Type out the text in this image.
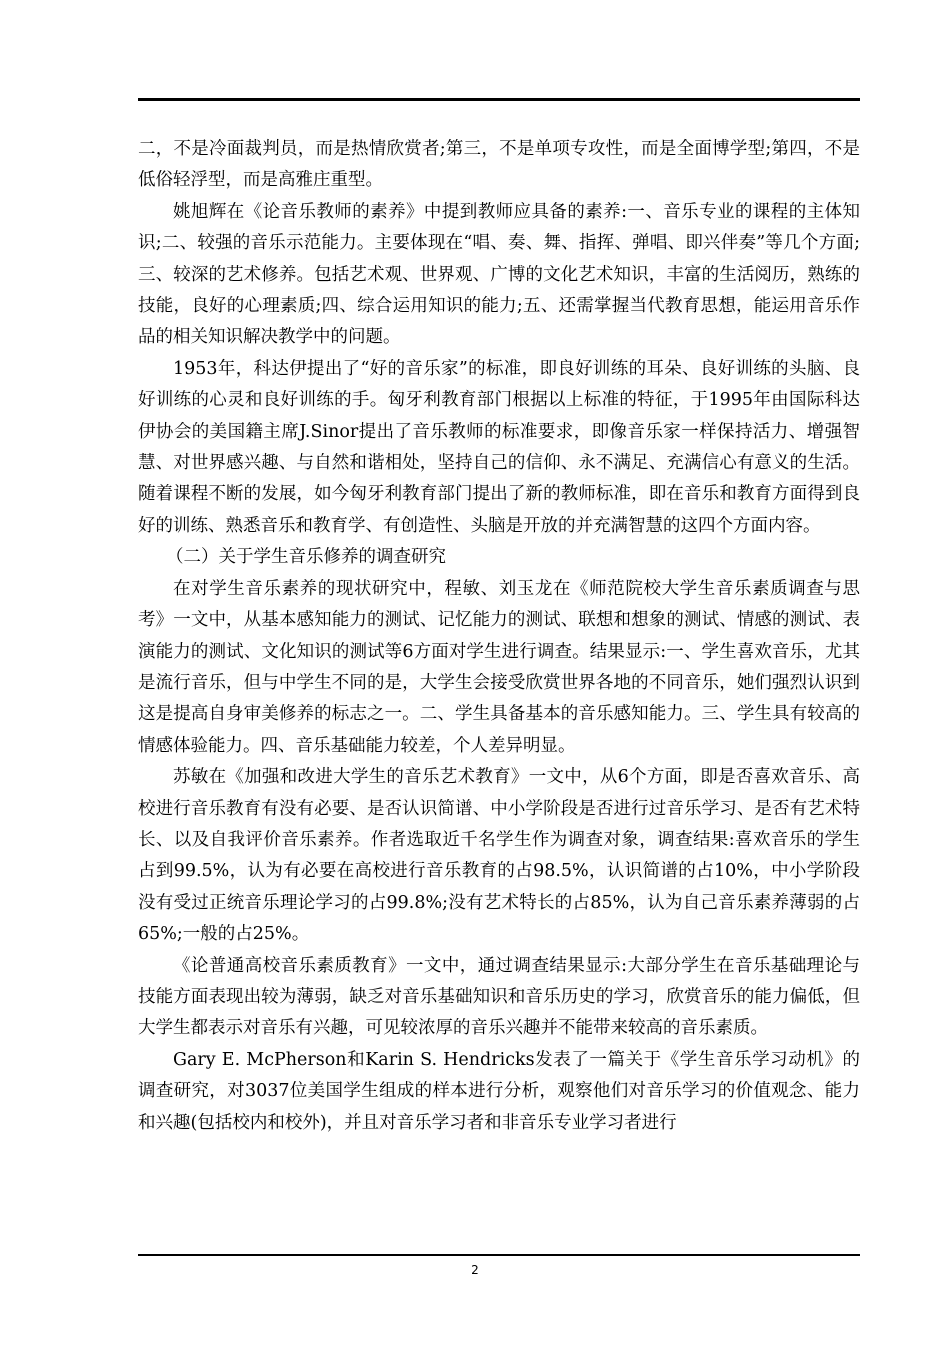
二，不是冷面裁判员，而是热情欣赏者;第三，不是单项专攻性，而是全面博学型;第四，不是低俗轻浮型，而是高雅庄重型。

姚旭辉在《论音乐教师的素养》中提到教师应具备的素养:一、音乐专业的课程的主体知识;二、较强的音乐示范能力。主要体现在“唱、奏、舞、指挥、弹唱、即兴伴奏”等几个方面;三、较深的艺术修养。包括艺术观、世界观、广博的文化艺术知识，丰富的生活阅历，熟练的技能，良好的心理素质;四、综合运用知识的能力;五、还需掌握当代教育思想，能运用音乐作品的相关知识解决教学中的问题。

1953年，科达伊提出了“好的音乐家”的标准，即良好训练的耳朵、良好训练的头脑、良好训练的心灵和良好训练的手。匈牙利教育部门根据以上标准的特征，于1995年由国际科达伊协会的美国籍主席J.Sinor提出了音乐教师的标准要求，即像音乐家一样保持活力、增强智慧、对世界感兴趣、与自然和谐相处，坚持自己的信仰、永不满足、充满信心有意义的生活。随着课程不断的发展，如今匈牙利教育部门提出了新的教师标准，即在音乐和教育方面得到良好的训练、熟悉音乐和教育学、有创造性、头脑是开放的并充满智慧的这四个方面内容。

（二）关于学生音乐修养的调查研究

在对学生音乐素养的现状研究中，程敏、刘玉龙在《师范院校大学生音乐素质调查与思考》一文中，从基本感知能力的测试、记忆能力的测试、联想和想象的测试、情感的测试、表演能力的测试、文化知识的测试等6方面对学生进行调查。结果显示:一、学生喜欢音乐，尤其是流行音乐，但与中学生不同的是，大学生会接受欣赏世界各地的不同音乐，她们强烈认识到这是提高自身审美修养的标志之一。二、学生具备基本的音乐感知能力。三、学生具有较高的情感体验能力。四、音乐基础能力较差，个人差异明显。

苏敏在《加强和改进大学生的音乐艺术教育》一文中，从6个方面，即是否喜欢音乐、高校进行音乐教育有没有必要、是否认识简谱、中小学阶段是否进行过音乐学习、是否有艺术特长、以及自我评价音乐素养。作者选取近千名学生作为调查对象，调查结果:喜欢音乐的学生占到99.5%，认为有必要在高校进行音乐教育的占98.5%，认识简谱的占10%，中小学阶段没有受过正统音乐理论学习的占99.8%;没有艺术特长的占85%，认为自己音乐素养薄弱的占65%;一般的占25%。

《论普通高校音乐素质教育》一文中，通过调查结果显示:大部分学生在音乐基础理论与技能方面表现出较为薄弱，缺乏对音乐基础知识和音乐历史的学习，欣赏音乐的能力偏低，但大学生都表示对音乐有兴趣，可见较浓厚的音乐兴趣并不能带来较高的音乐素质。

Gary E. McPherson和Karin S. Hendricks发表了一篇关于《学生音乐学习动机》的调查研究，对3037位美国学生组成的样本进行分析，观察他们对音乐学习的价值观念、能力和兴趣(包括校内和校外)，并且对音乐学习者和非音乐专业学习者进行

2
